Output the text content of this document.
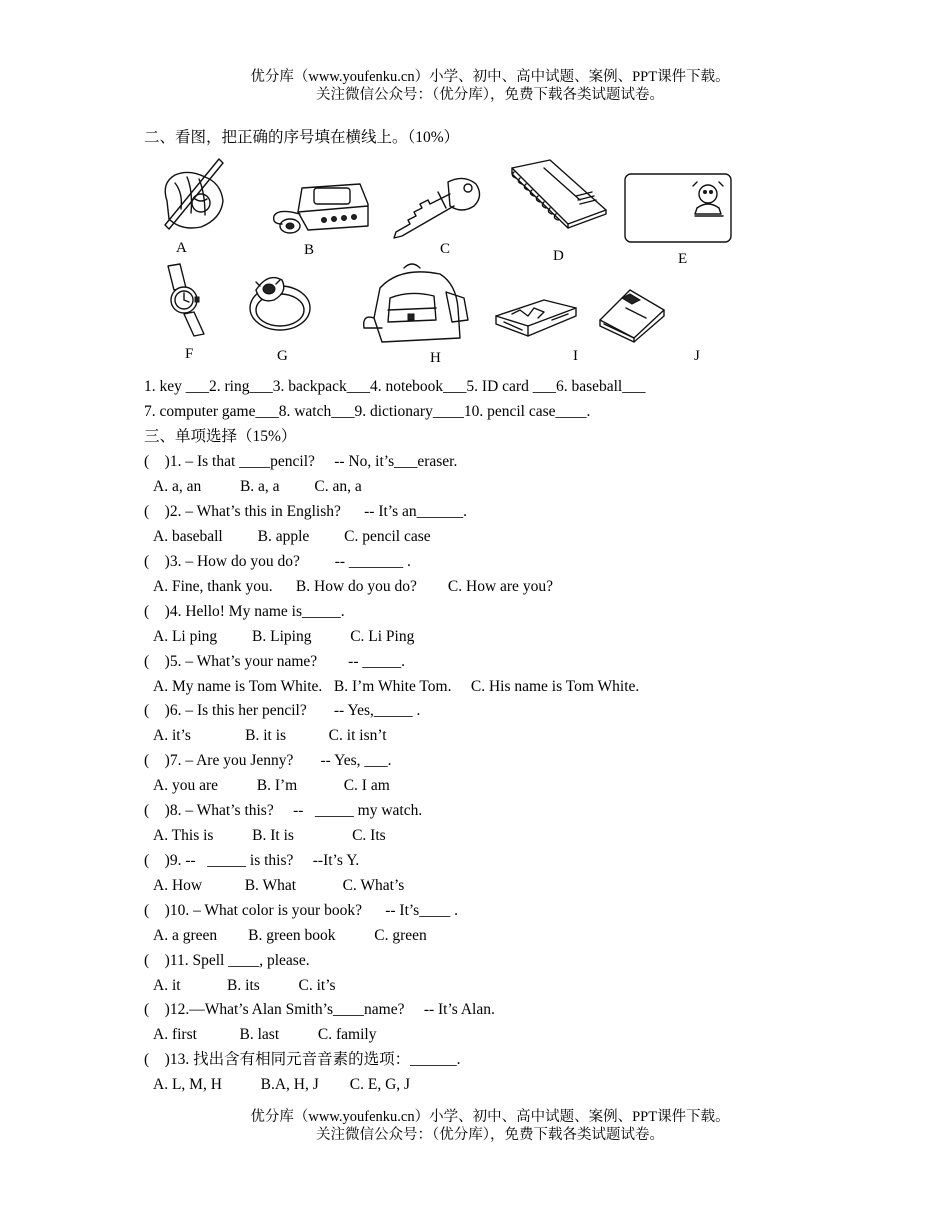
优分库（www.youfenku.cn）小学、初中、高中试题、案例、PPT课件下载。
关注微信公众号：（优分库），免费下载各类试题试卷。
二、看图，把正确的序号填在横线上。（10%）
A	B	C	D	E
F	G	H	I	J
1. key ___2. ring___3. backpack___4. notebook___5. ID card ___6. baseball___
7. computer game___8. watch___9. dictionary____10. pencil case____.
三、单项选择（15%）
(    )1. – Is that ____pencil?     -- No, it’s___eraser.
A. a, an          B. a, a         C. an, a
(    )2. – What’s this in English?      -- It’s an______.
A. baseball         B. apple         C. pencil case
(    )3. – How do you do?         -- _______ .
A. Fine, thank you.      B. How do you do?        C. How are you?
(    )4. Hello! My name is_____.
A. Li ping         B. Liping          C. Li Ping
(    )5. – What’s your name?        -- _____.
A. My name is Tom White.   B. I’m White Tom.     C. His name is Tom White.
(    )6. – Is this her pencil?       -- Yes,_____ .
A. it’s              B. it is           C. it isn’t
(    )7. – Are you Jenny?       -- Yes, ___.
A. you are          B. I’m            C. I am
(    )8. – What’s this?     --   _____ my watch.
A. This is          B. It is               C. Its
(    )9. --   _____ is this?     --It’s Y.
A. How           B. What            C. What’s
(    )10. – What color is your book?      -- It’s____ .
A. a green        B. green book          C. green
(    )11. Spell ____, please.
A. it            B. its          C. it’s
(    )12.—What’s Alan Smith’s____name?     -- It’s Alan.
A. first           B. last          C. family
(    )13. 找出含有相同元音音素的选项：______.
A. L, M, H          B.A, H, J        C. E, G, J
优分库（www.youfenku.cn）小学、初中、高中试题、案例、PPT课件下载。
关注微信公众号：（优分库），免费下载各类试题试卷。
